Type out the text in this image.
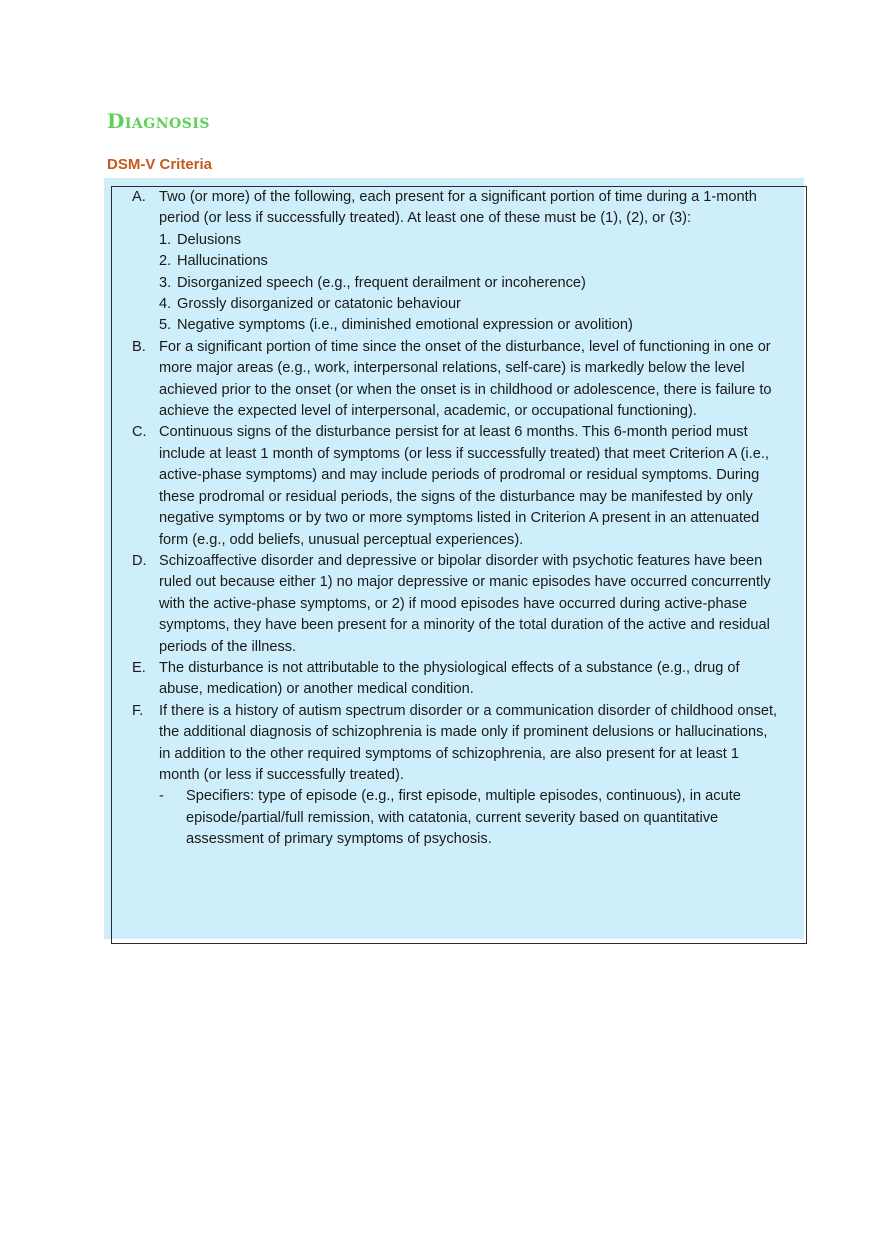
Diagnosis
DSM-V Criteria
A. Two (or more) of the following, each present for a significant portion of time during a 1-month period (or less if successfully treated). At least one of these must be (1), (2), or (3):
1. Delusions
2. Hallucinations
3. Disorganized speech (e.g., frequent derailment or incoherence)
4. Grossly disorganized or catatonic behaviour
5. Negative symptoms (i.e., diminished emotional expression or avolition)
B. For a significant portion of time since the onset of the disturbance, level of functioning in one or more major areas (e.g., work, interpersonal relations, self-care) is markedly below the level achieved prior to the onset (or when the onset is in childhood or adolescence, there is failure to achieve the expected level of interpersonal, academic, or occupational functioning).
C. Continuous signs of the disturbance persist for at least 6 months. This 6-month period must include at least 1 month of symptoms (or less if successfully treated) that meet Criterion A (i.e., active-phase symptoms) and may include periods of prodromal or residual symptoms. During these prodromal or residual periods, the signs of the disturbance may be manifested by only negative symptoms or by two or more symptoms listed in Criterion A present in an attenuated form (e.g., odd beliefs, unusual perceptual experiences).
D. Schizoaffective disorder and depressive or bipolar disorder with psychotic features have been ruled out because either 1) no major depressive or manic episodes have occurred concurrently with the active-phase symptoms, or 2) if mood episodes have occurred during active-phase symptoms, they have been present for a minority of the total duration of the active and residual periods of the illness.
E. The disturbance is not attributable to the physiological effects of a substance (e.g., drug of abuse, medication) or another medical condition.
F.	If there is a history of autism spectrum disorder or a communication disorder of childhood onset, the additional diagnosis of schizophrenia is made only if prominent delusions or hallucinations, in addition to the other required symptoms of schizophrenia, are also present for at least 1 month (or less if successfully treated).
-	Specifiers: type of episode (e.g., first episode, multiple episodes, continuous), in acute episode/partial/full remission, with catatonia, current severity based on quantitative assessment of primary symptoms of psychosis.
